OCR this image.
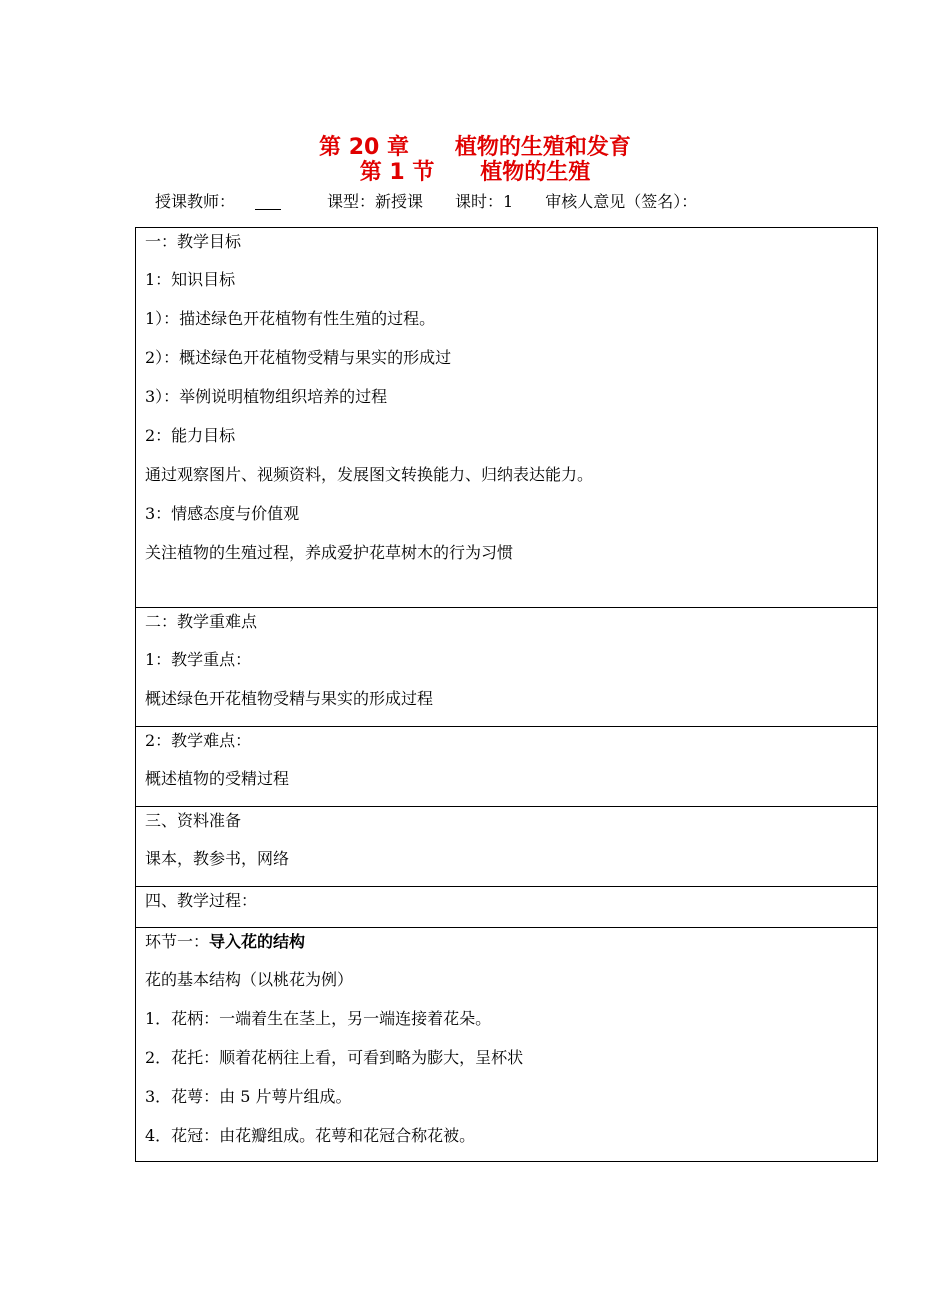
第 20 章      植物的生殖和发育
第 1 节      植物的生殖
授课教师：	课型：新授课 课时：1 审核人意见（签名）：
一：教学目标
1：知识目标
1）：描述绿色开花植物有性生殖的过程。
2）：概述绿色开花植物受精与果实的形成过
3）：举例说明植物组织培养的过程
2：能力目标
通过观察图片、视频资料，发展图文转换能力、归纳表达能力。
3：情感态度与价值观
关注植物的生殖过程，养成爱护花草树木的行为习惯

二：教学重难点
1：教学重点：
概述绿色开花植物受精与果实的形成过程

2：教学难点：
概述植物的受精过程

三、资料准备
课本，教参书，网络

四、教学过程：

环节一：导入花的结构
花的基本结构（以桃花为例）
1．花柄：一端着生在茎上，另一端连接着花朵。
2．花托：顺着花柄往上看，可看到略为膨大，呈杯状
3．花萼：由 5 片萼片组成。
4．花冠：由花瓣组成。花萼和花冠合称花被。
